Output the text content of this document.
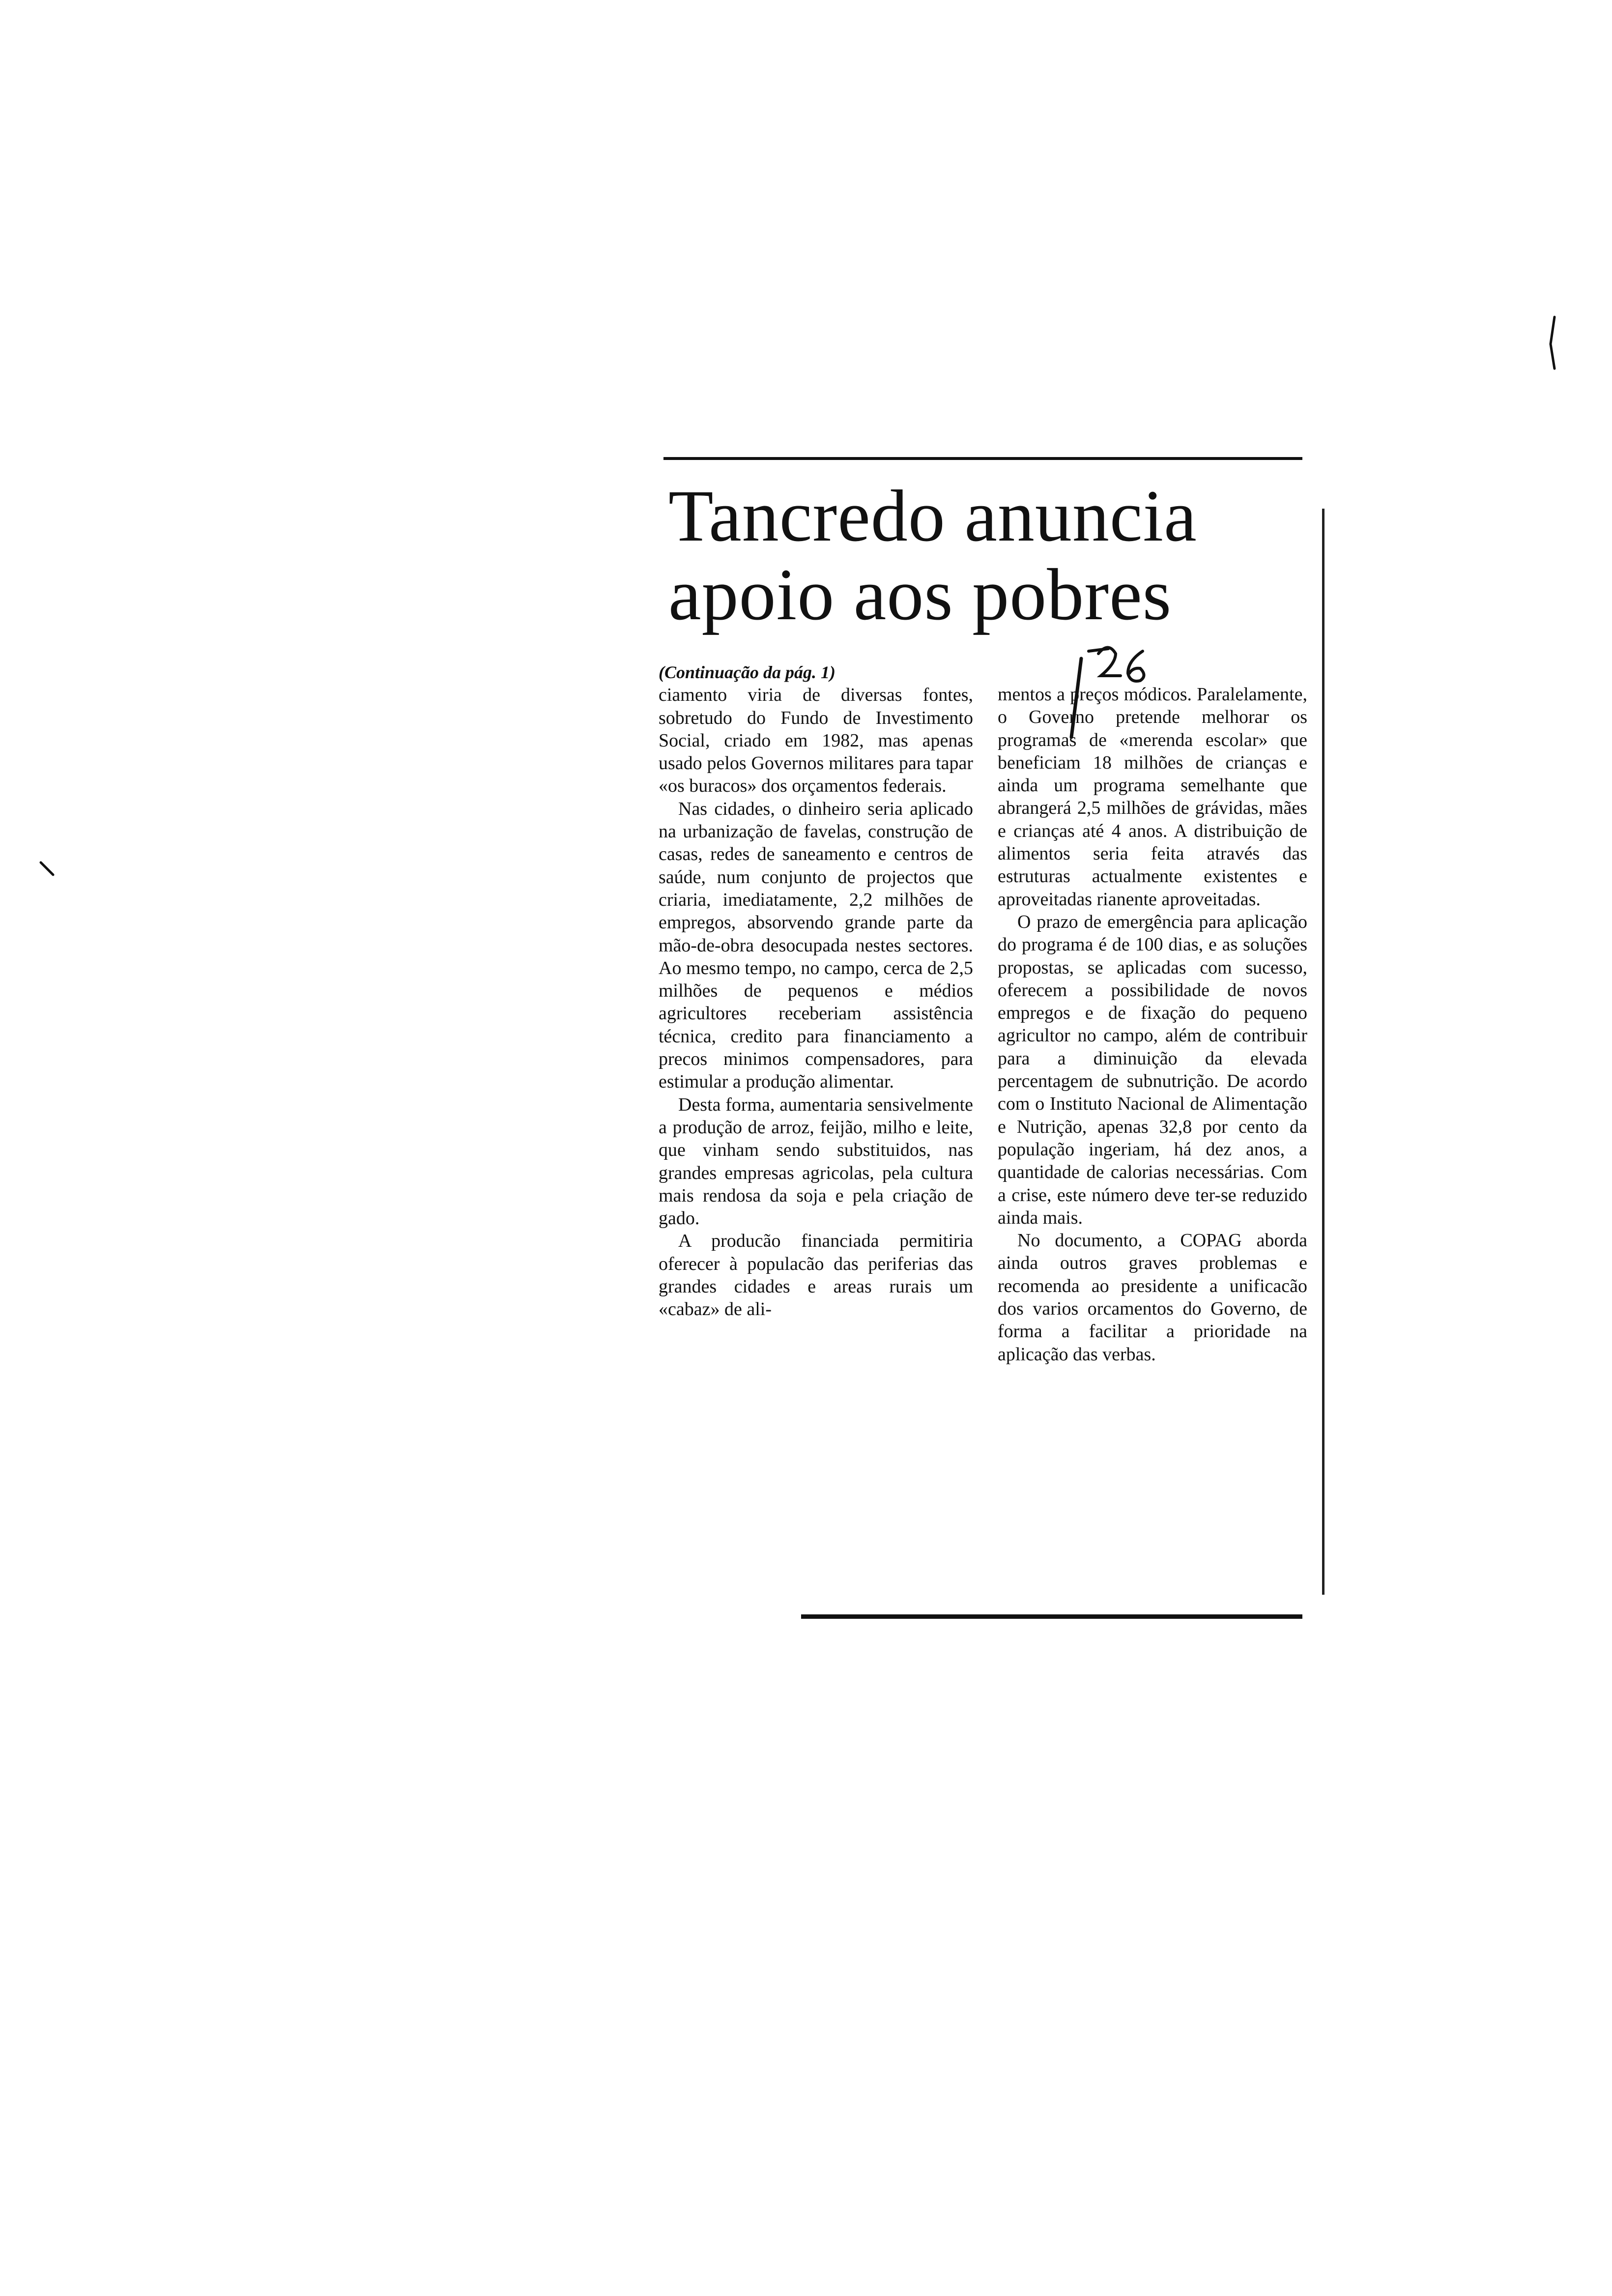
Tancredo anuncia apoio aos pobres

(Continuação da pág. 1)

ciamento viria de diversas fontes, sobretudo do Fundo de Investimento Social, criado em 1982, mas apenas usado pelos Governos militares para tapar «os buracos» dos orçamentos federais.

Nas cidades, o dinheiro seria aplicado na urbanização de favelas, construção de casas, redes de saneamento e centros de saúde, num conjunto de projectos que criaria, imediatamente, 2,2 milhões de empregos, absorvendo grande parte da mão-de-obra desocupada nestes sectores. Ao mesmo tempo, no campo, cerca de 2,5 milhões de pequenos e médios agricultores receberiam assistência técnica, credito para financiamento a precos minimos compensadores, para estimular a produção alimentar.

Desta forma, aumentaria sensivelmente a produção de arroz, feijão, milho e leite, que vinham sendo substituidos, nas grandes empresas agricolas, pela cultura mais rendosa da soja e pela criação de gado.

A producão financiada permitiria oferecer à populacão das periferias das grandes cidades e areas rurais um «cabaz» de ali-

mentos a preços módicos. Paralelamente, o Governo pretende melhorar os programas de «merenda escolar» que beneficiam 18 milhões de crianças e ainda um programa semelhante que abrangerá 2,5 milhões de grávidas, mães e crianças até 4 anos. A distribuição de alimentos seria feita através das estruturas actualmente existentes e aproveitadas rianente aproveitadas.

O prazo de emergência para aplicação do programa é de 100 dias, e as soluções propostas, se aplicadas com sucesso, oferecem a possibilidade de novos empregos e de fixação do pequeno agricultor no campo, além de contribuir para a diminuição da elevada percentagem de subnutrição. De acordo com o Instituto Nacional de Alimentação e Nutrição, apenas 32,8 por cento da população ingeriam, há dez anos, a quantidade de calorias necessárias. Com a crise, este número deve ter-se reduzido ainda mais.

No documento, a COPAG aborda ainda outros graves problemas e recomenda ao presidente a unificacão dos varios orcamentos do Governo, de forma a facilitar a prioridade na aplicação das verbas.
